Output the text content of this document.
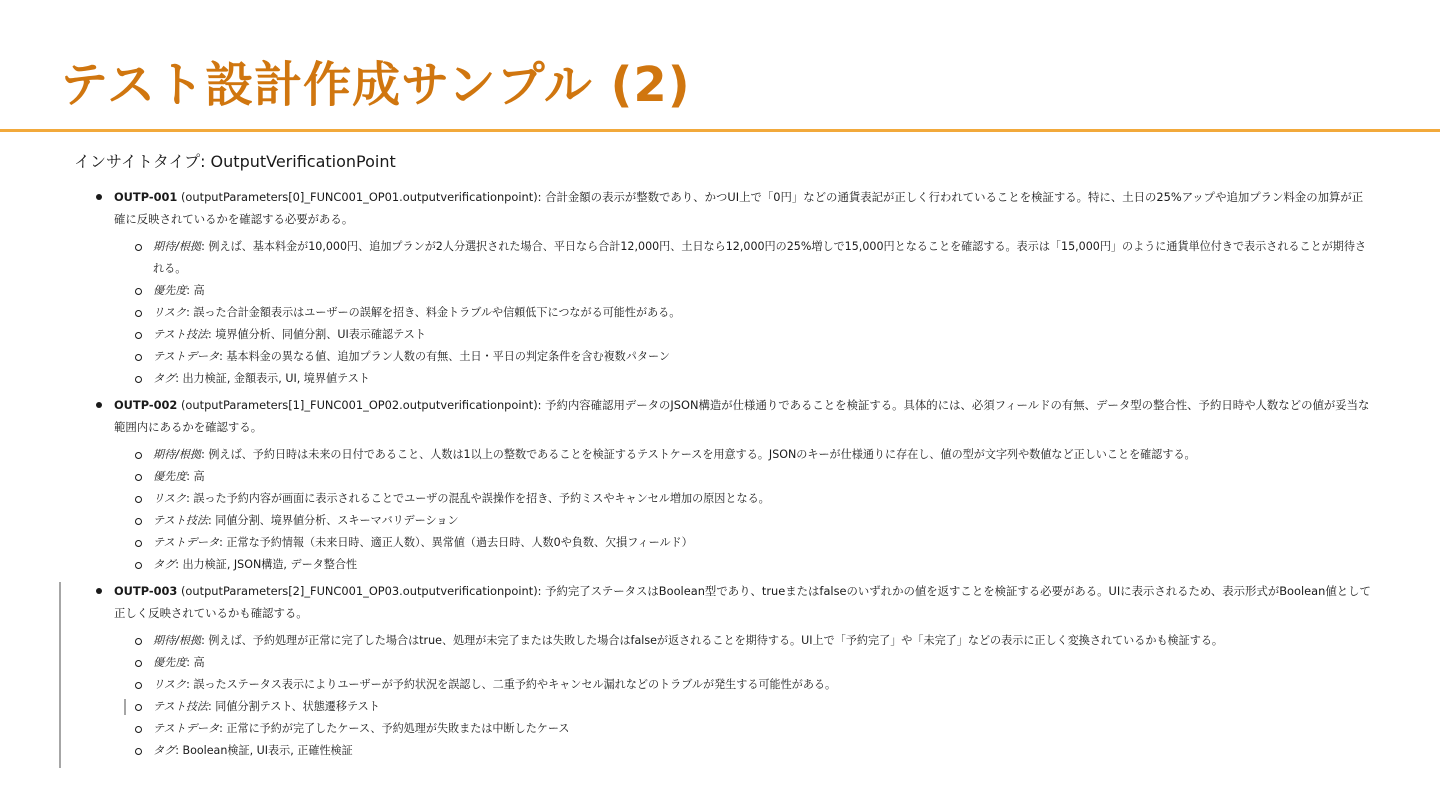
テスト設計作成サンプル (2)
インサイトタイプ: OutputVerificationPoint
OUTP-001 (outputParameters[0]_FUNC001_OP01.outputverificationpoint): 合計金額の表示が整数であり、かつUI上で「0円」などの通貨表記が正しく行われていることを検証する。特に、土日の25%アップや追加プラン料金の加算が正確に反映されているかを確認する必要がある。
期待/根拠: 例えば、基本料金が10,000円、追加プランが2人分選択された場合、平日なら合計12,000円、土日なら12,000円の25%増しで15,000円となることを確認する。表示は「15,000円」のように通貨単位付きで表示されることが期待される。
優先度: 高
リスク: 誤った合計金額表示はユーザーの誤解を招き、料金トラブルや信頼低下につながる可能性がある。
テスト技法: 境界値分析、同値分割、UI表示確認テスト
テストデータ: 基本料金の異なる値、追加プラン人数の有無、土日・平日の判定条件を含む複数パターン
タグ: 出力検証, 金額表示, UI, 境界値テスト
OUTP-002 (outputParameters[1]_FUNC001_OP02.outputverificationpoint): 予約内容確認用データのJSON構造が仕様通りであることを検証する。具体的には、必須フィールドの有無、データ型の整合性、予約日時や人数などの値が妥当な範囲内にあるかを確認する。
期待/根拠: 例えば、予約日時は未来の日付であること、人数は1以上の整数であることを検証するテストケースを用意する。JSONのキーが仕様通りに存在し、値の型が文字列や数値など正しいことを確認する。
優先度: 高
リスク: 誤った予約内容が画面に表示されることでユーザの混乱や誤操作を招き、予約ミスやキャンセル増加の原因となる。
テスト技法: 同値分割、境界値分析、スキーマバリデーション
テストデータ: 正常な予約情報（未来日時、適正人数）、異常値（過去日時、人数0や負数、欠損フィールド）
タグ: 出力検証, JSON構造, データ整合性
OUTP-003 (outputParameters[2]_FUNC001_OP03.outputverificationpoint): 予約完了ステータスはBoolean型であり、trueまたはfalseのいずれかの値を返すことを検証する必要がある。UIに表示されるため、表示形式がBoolean値として正しく反映されているかも確認する。
期待/根拠: 例えば、予約処理が正常に完了した場合はtrue、処理が未完了または失敗した場合はfalseが返されることを期待する。UI上で「予約完了」や「未完了」などの表示に正しく変換されているかも検証する。
優先度: 高
リスク: 誤ったステータス表示によりユーザーが予約状況を誤認し、二重予約やキャンセル漏れなどのトラブルが発生する可能性がある。
テスト技法: 同値分割テスト、状態遷移テスト
テストデータ: 正常に予約が完了したケース、予約処理が失敗または中断したケース
タグ: Boolean検証, UI表示, 正確性検証
